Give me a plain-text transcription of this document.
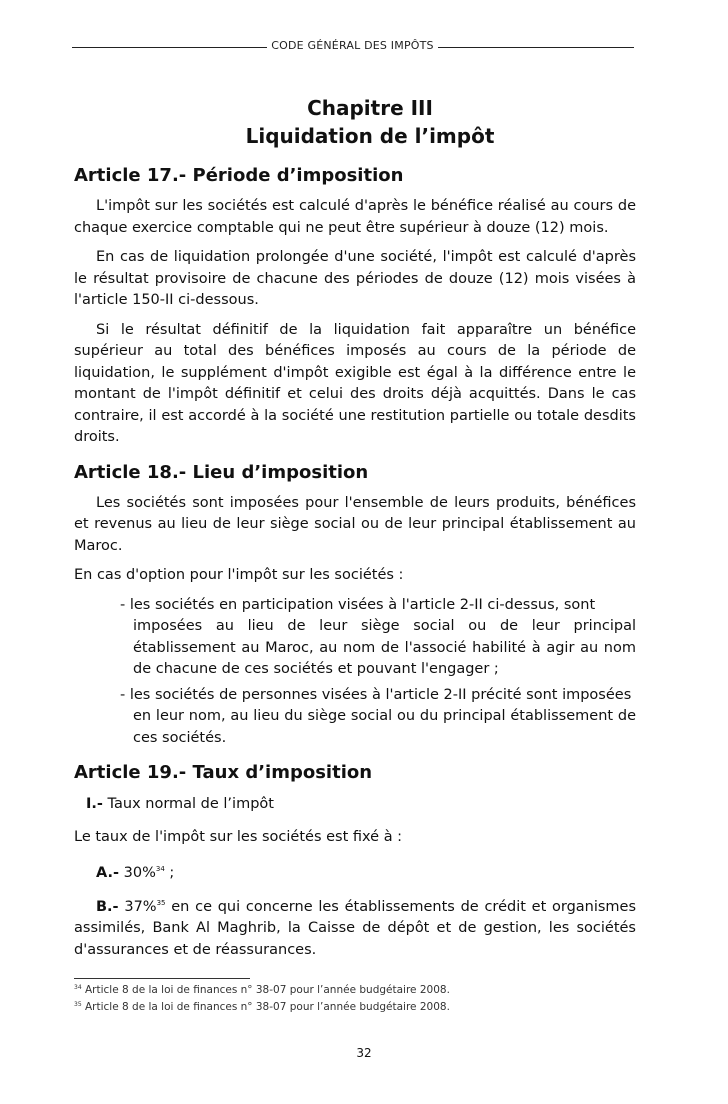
CODE GÉNÉRAL DES IMPÔTS
Chapitre III
Liquidation de l’impôt
Article 17.- Période d’imposition

L'impôt sur les sociétés est calculé d'après le bénéfice réalisé au cours de chaque exercice comptable qui ne peut être supérieur à douze (12) mois.

En cas de liquidation prolongée d'une société, l'impôt est calculé d'après le résultat provisoire de chacune des périodes de douze (12) mois visées à l'article 150-II ci-dessous.

Si le résultat définitif de la liquidation fait apparaître un bénéfice supérieur au total des bénéfices imposés au cours de la période de liquidation, le supplément d'impôt exigible est égal à la différence entre le montant de l'impôt définitif et celui des droits déjà acquittés. Dans le cas contraire, il est accordé à la société une restitution partielle ou totale desdits droits.

Article 18.- Lieu d’imposition

Les sociétés sont imposées pour l'ensemble de leurs produits, bénéfices et revenus au lieu de leur siège social ou de leur principal établissement au Maroc.

En cas d'option pour l'impôt sur les sociétés :

- les sociétés en participation visées à l'article 2-II ci-dessus, sont
imposées au lieu de leur siège social ou de leur principal établissement au Maroc, au nom de l'associé habilité à agir au nom de chacune de ces sociétés et pouvant l'engager ;
- les sociétés de personnes visées à l'article 2-II précité sont imposées
en leur nom, au lieu du siège social ou du principal établissement de ces sociétés.
Article 19.- Taux d’imposition

I.- Taux normal de l’impôt

Le taux de l'impôt sur les sociétés est fixé à :

A.- 30%$^{34}$ ;

B.- 37%$^{35}$ en ce qui concerne les établissements de crédit et organismes assimilés, Bank Al Maghrib, la Caisse de dépôt et de gestion, les sociétés d'assurances et de réassurances.

$^{34}$ Article 8 de la loi de finances n° 38-07 pour l’année budgétaire 2008.
$^{35}$ Article 8 de la loi de finances n° 38-07 pour l’année budgétaire 2008.
32
